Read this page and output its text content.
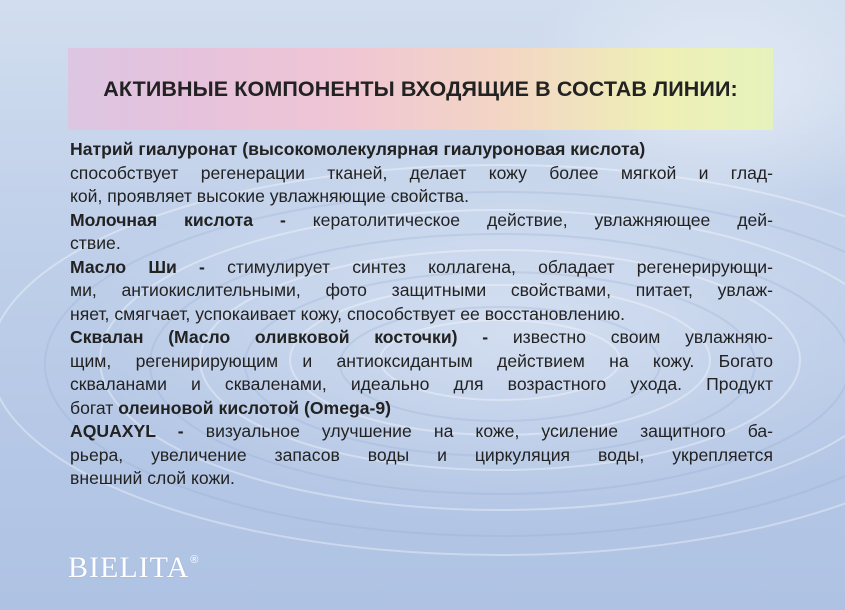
АКТИВНЫЕ КОМПОНЕНТЫ ВХОДЯЩИЕ В СОСТАВ ЛИНИИ:
Натрий гиалуронат (высокомолекулярная гиалуроновая кислота)
способствует регенерации тканей, делает кожу более мягкой и глад-
кой, проявляет высокие увлажняющие свойства.
Молочная кислота - кератолитическое действие, увлажняющее дей-
ствие.
Масло Ши - стимулирует синтез коллагена, обладает регенерирующи-
ми, антиокислительными, фото защитными свойствами, питает, увлаж-
няет, смягчает, успокаивает кожу, способствует ее восстановлению.
Сквалан (Масло оливковой косточки) - известно своим увлажняю-
щим, регенирирующим и антиоксидантым действием на кожу. Богато
скваланами и скваленами, идеально для возрастного ухода. Продукт
богат олеиновой кислотой (Omega-9)
AQUAXYL - визуальное улучшение на коже, усиление защитного ба-
рьера, увеличение запасов воды и циркуляция воды, укрепляется
внешний слой кожи.
BIELITA ®
